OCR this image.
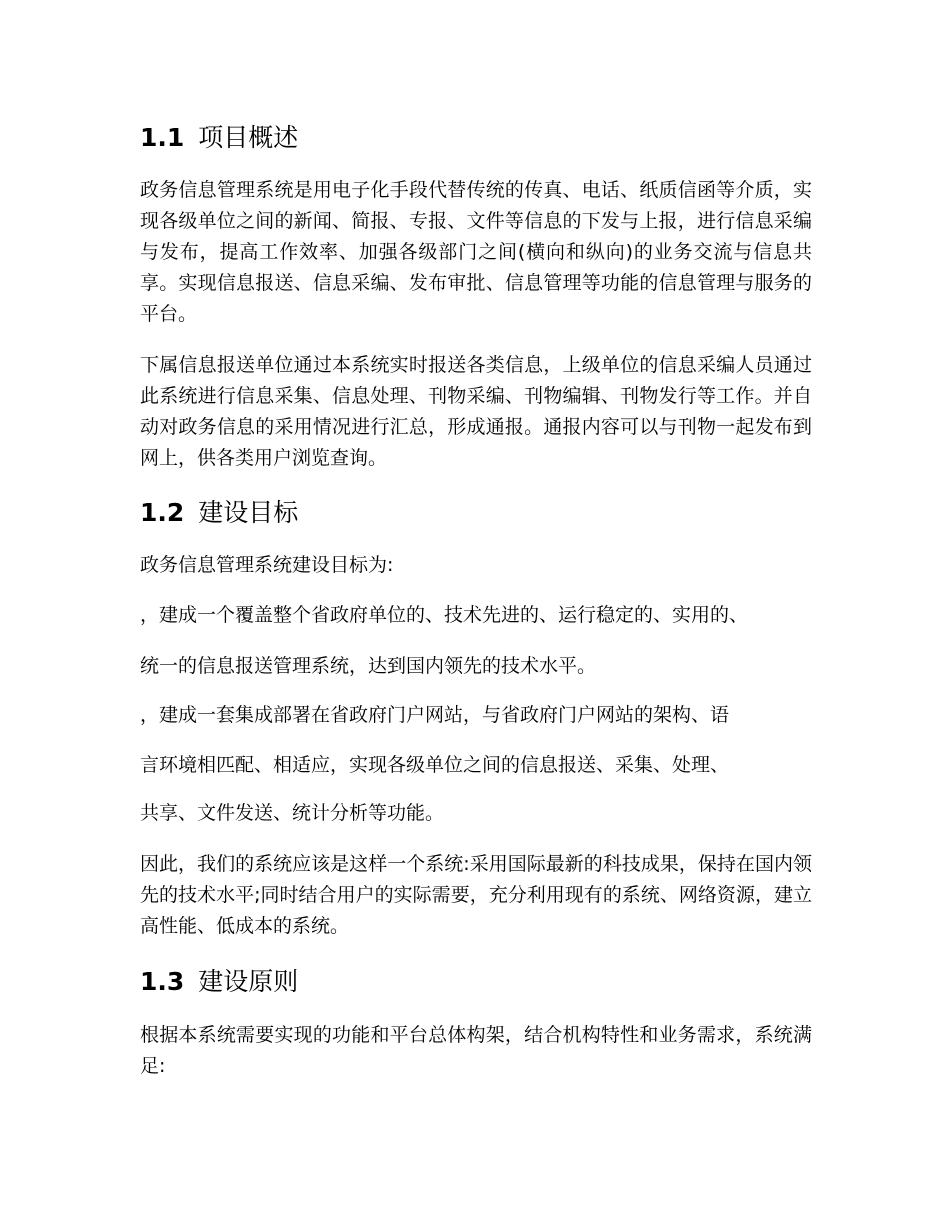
1.1 项目概述

政务信息管理系统是用电子化手段代替传统的传真、电话、纸质信函等介质，实现各级单位之间的新闻、简报、专报、文件等信息的下发与上报，进行信息采编与发布，提高工作效率、加强各级部门之间(横向和纵向)的业务交流与信息共享。实现信息报送、信息采编、发布审批、信息管理等功能的信息管理与服务的平台。

下属信息报送单位通过本系统实时报送各类信息，上级单位的信息采编人员通过此系统进行信息采集、信息处理、刊物采编、刊物编辑、刊物发行等工作。并自动对政务信息的采用情况进行汇总，形成通报。通报内容可以与刊物一起发布到网上，供各类用户浏览查询。

1.2 建设目标

政务信息管理系统建设目标为:

，建成一个覆盖整个省政府单位的、技术先进的、运行稳定的、实用的、

统一的信息报送管理系统，达到国内领先的技术水平。

，建成一套集成部署在省政府门户网站，与省政府门户网站的架构、语

言环境相匹配、相适应，实现各级单位之间的信息报送、采集、处理、

共享、文件发送、统计分析等功能。

因此，我们的系统应该是这样一个系统:采用国际最新的科技成果，保持在国内领先的技术水平;同时结合用户的实际需要，充分利用现有的系统、网络资源，建立高性能、低成本的系统。

1.3 建设原则

根据本系统需要实现的功能和平台总体构架，结合机构特性和业务需求，系统满足:
